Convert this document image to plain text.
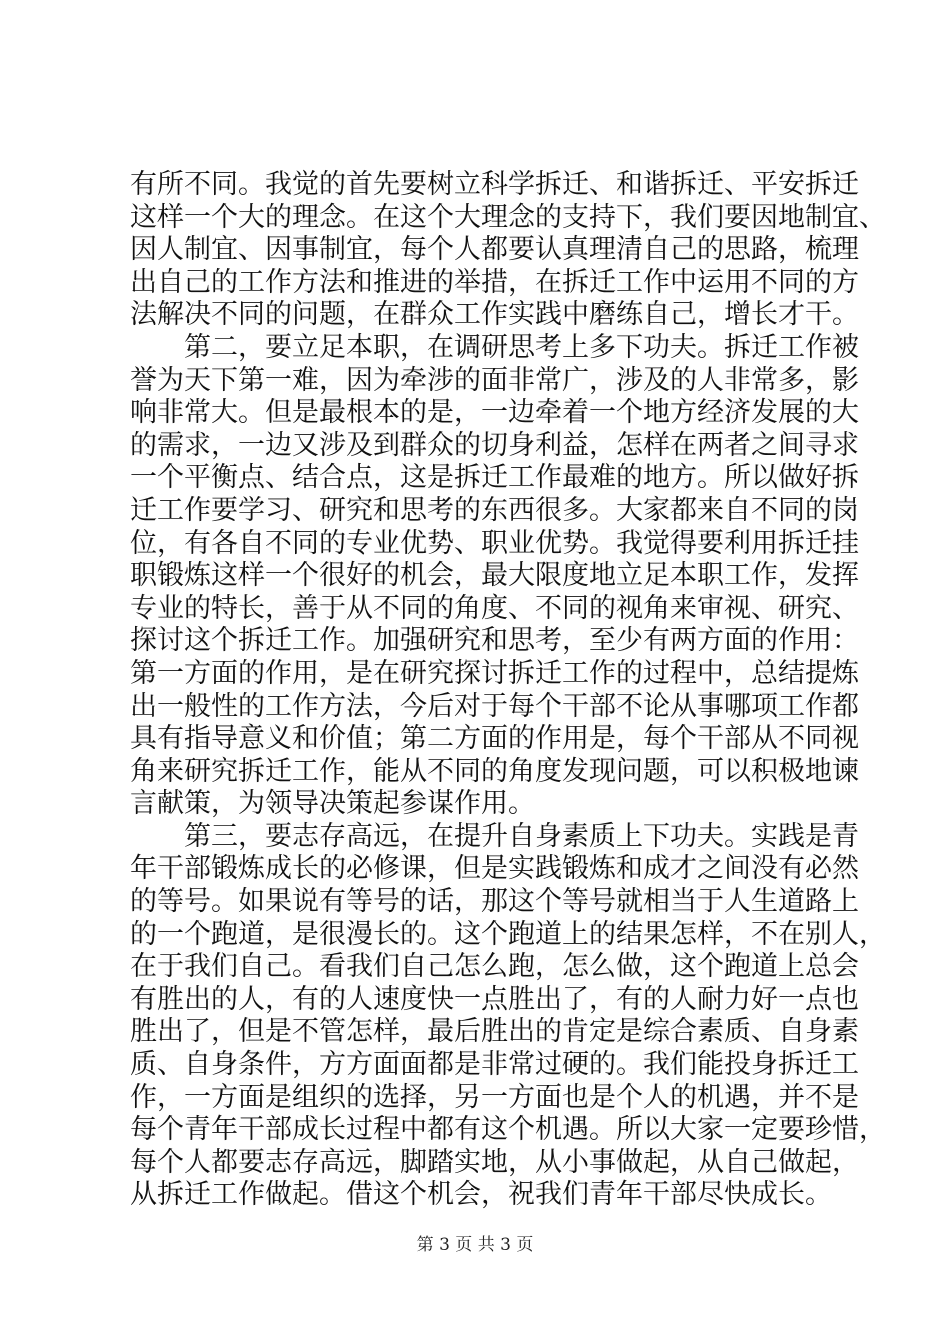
有所不同。我觉的首先要树立科学拆迁、和谐拆迁、平安拆迁
这样一个大的理念。在这个大理念的支持下，我们要因地制宜、
因人制宜、因事制宜，每个人都要认真理清自己的思路，梳理
出自己的工作方法和推进的举措，在拆迁工作中运用不同的方
法解决不同的问题，在群众工作实践中磨练自己，增长才干。
第二，要立足本职，在调研思考上多下功夫。拆迁工作被
誉为天下第一难，因为牵涉的面非常广，涉及的人非常多，影
响非常大。但是最根本的是，一边牵着一个地方经济发展的大
的需求，一边又涉及到群众的切身利益，怎样在两者之间寻求
一个平衡点、结合点，这是拆迁工作最难的地方。所以做好拆
迁工作要学习、研究和思考的东西很多。大家都来自不同的岗
位，有各自不同的专业优势、职业优势。我觉得要利用拆迁挂
职锻炼这样一个很好的机会，最大限度地立足本职工作，发挥
专业的特长，善于从不同的角度、不同的视角来审视、研究、
探讨这个拆迁工作。加强研究和思考，至少有两方面的作用：
第一方面的作用，是在研究探讨拆迁工作的过程中，总结提炼
出一般性的工作方法，今后对于每个干部不论从事哪项工作都
具有指导意义和价值；第二方面的作用是，每个干部从不同视
角来研究拆迁工作，能从不同的角度发现问题，可以积极地谏
言献策，为领导决策起参谋作用。
第三，要志存高远，在提升自身素质上下功夫。实践是青
年干部锻炼成长的必修课，但是实践锻炼和成才之间没有必然
的等号。如果说有等号的话，那这个等号就相当于人生道路上
的一个跑道，是很漫长的。这个跑道上的结果怎样，不在别人，
在于我们自己。看我们自己怎么跑，怎么做，这个跑道上总会
有胜出的人，有的人速度快一点胜出了，有的人耐力好一点也
胜出了，但是不管怎样，最后胜出的肯定是综合素质、自身素
质、自身条件，方方面面都是非常过硬的。我们能投身拆迁工
作，一方面是组织的选择，另一方面也是个人的机遇，并不是
每个青年干部成长过程中都有这个机遇。所以大家一定要珍惜，
每个人都要志存高远，脚踏实地，从小事做起，从自己做起，
从拆迁工作做起。借这个机会，祝我们青年干部尽快成长。
第 3 页 共 3 页
